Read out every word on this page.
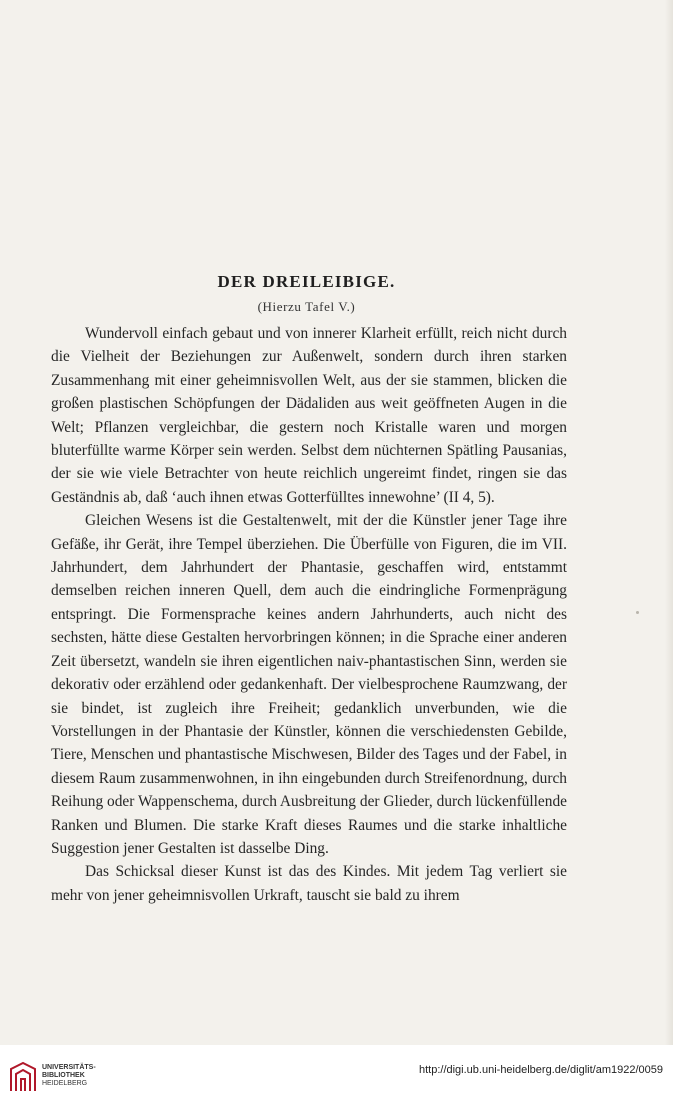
DER DREILEIBIGE.
(Hierzu Tafel V.)

Wundervoll einfach gebaut und von innerer Klarheit erfüllt, reich nicht durch die Vielheit der Beziehungen zur Außenwelt, sondern durch ihren starken Zusammenhang mit einer geheimnisvollen Welt, aus der sie stammen, blicken die großen plastischen Schöpfungen der Dädaliden aus weit geöffneten Augen in die Welt; Pflanzen vergleichbar, die gestern noch Kristalle waren und morgen bluterfüllte warme Körper sein werden. Selbst dem nüchternen Spätling Pausanias, der sie wie viele Betrachter von heute reichlich ungereimt findet, ringen sie das Geständnis ab, daß ‘auch ihnen etwas Gotterfülltes innewohne’ (II 4, 5).

Gleichen Wesens ist die Gestaltenwelt, mit der die Künstler jener Tage ihre Gefäße, ihr Gerät, ihre Tempel überziehen. Die Überfülle von Figuren, die im VII. Jahrhundert, dem Jahrhundert der Phantasie, geschaffen wird, entstammt demselben reichen inneren Quell, dem auch die eindringliche Formenprägung entspringt. Die Formensprache keines andern Jahrhunderts, auch nicht des sechsten, hätte diese Gestalten hervorbringen können; in die Sprache einer anderen Zeit übersetzt, wandeln sie ihren eigentlichen naiv-phantastischen Sinn, werden sie dekorativ oder erzählend oder gedankenhaft. Der vielbesprochene Raumzwang, der sie bindet, ist zugleich ihre Freiheit; gedanklich unverbunden, wie die Vorstellungen in der Phantasie der Künstler, können die verschiedensten Gebilde, Tiere, Menschen und phantastische Mischwesen, Bilder des Tages und der Fabel, in diesem Raum zusammenwohnen, in ihn eingebunden durch Streifenordnung, durch Reihung oder Wappenschema, durch Ausbreitung der Glieder, durch lückenfüllende Ranken und Blumen. Die starke Kraft dieses Raumes und die starke inhaltliche Suggestion jener Gestalten ist dasselbe Ding.

Das Schicksal dieser Kunst ist das des Kindes. Mit jedem Tag verliert sie mehr von jener geheimnisvollen Urkraft, tauscht sie bald zu ihrem

UNIVERSITÄTS-
BIBLIOTHEK
HEIDELBERG
http://digi.ub.uni-heidelberg.de/diglit/am1922/0059
